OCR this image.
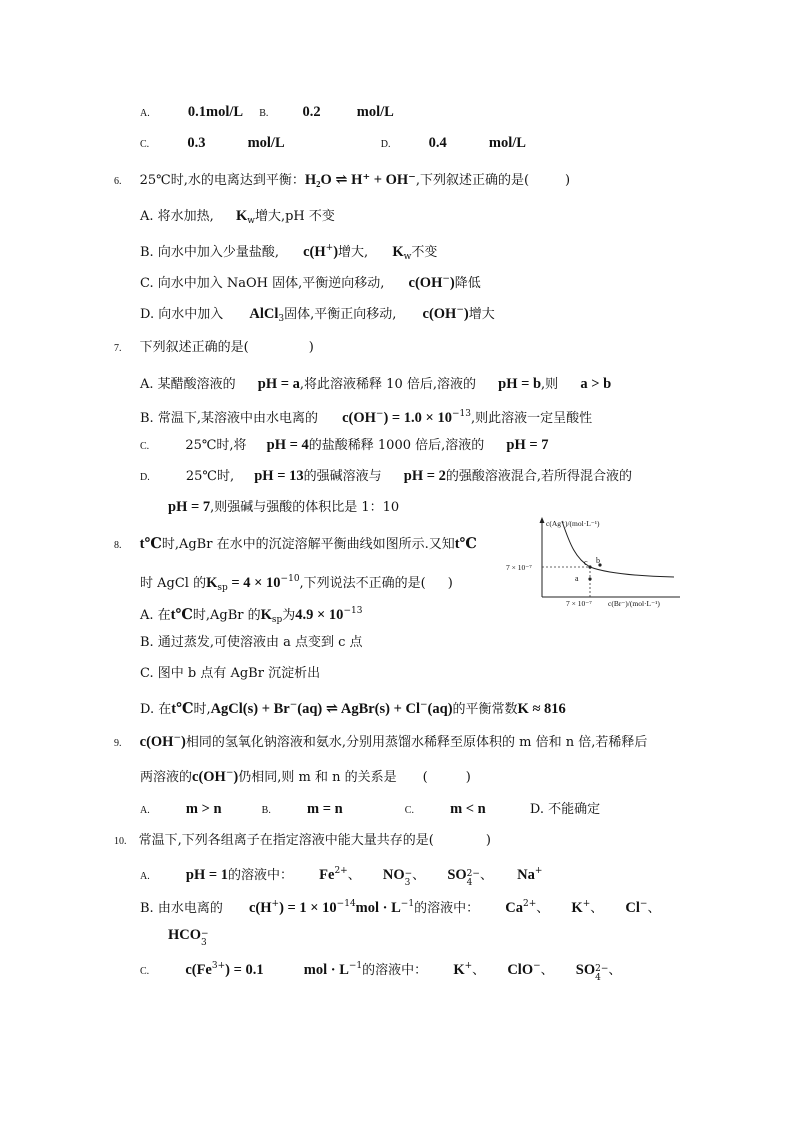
A.	0.1mol/L B. 0.2 mol/L
C.	0.3	mol/L	D.	0.4	mol/L
6. 25℃时,水的电离达到平衡：H₂O ⇌ H⁺ + OH⁻,下列叙述正确的是(	)
A. 将水加热, $K_w$增大,pH 不变
B. 向水中加入少量盐酸, c(H+)增大, $K_w$不变
C. 向水中加入 NaOH 固体,平衡逆向移动, c(OH−)降低
D. 向水中加入 AlCl$_3$固体,平衡正向移动, c(OH−)增大
7. 下列叙述正确的是(	)
A. 某醋酸溶液的 pH = a,将此溶液稀释 10 倍后,溶液的 pH = b,则 a > b
B. 常温下,某溶液中由水电离的 $c(OH^-) = 1.0 \times 10^{-13}$,则此溶液一定呈酸性
C.	25℃时,将 pH = 4的盐酸稀释 1000 倍后,溶液的 pH = 7
D.	25℃时, pH = 13的强碱溶液与 pH = 2的强酸溶液混合,若所得混合液的
pH = 7,则强碱与强酸的体积比是 1：10
8. t℃时,AgBr 在水中的沉淀溶解平衡曲线如图所示.又知t℃
时 AgCl 的$K_{sp} = 4 \times 10^{-10}$,下列说法不正确的是( )
A. 在t℃时,AgBr 的$K_{sp}$为$4.9 \times 10^{-13}$
B. 通过蒸发,可使溶液由 a 点变到 c 点
C. 图中 b 点有 AgBr 沉淀析出
D. 在t℃时,AgCl(s) + Br−(aq) ⇌ AgBr(s) + Cl−(aq)的平衡常数K ≈ 816
c(Ag⁺)/(mol·L⁻¹)
7 × 10⁻⁷
7 × 10⁻⁷ c(Br⁻)/(mol·L⁻¹)
c b
a
9. c(OH−)相同的氢氧化钠溶液和氨水,分别用蒸馏水稀释至原体积的 m 倍和 n 倍,若稀释后
两溶液的c(OH−)仍相同,则 m 和 n 的关系是 (	)
A. m > n	B. m = n	C. m < n	D. 不能确定
10. 常温下,下列各组离子在指定溶液中能大量共存的是(	)
A. pH = 1的溶液中： $Fe^{2+}$、 NO−
3 、 SO2−
4 、 Na+
B. 由水电离的 $c(H^+) = 1 \times 10^{-14}mol \cdot L^{-1}$的溶液中： $Ca^{2+}$、 K+、 Cl−、
HCO−
3
C. $c(Fe^{3+}) = 0.1$	mol · $L^{-1}$的溶液中： K+、 ClO−、 SO2−
4 、
